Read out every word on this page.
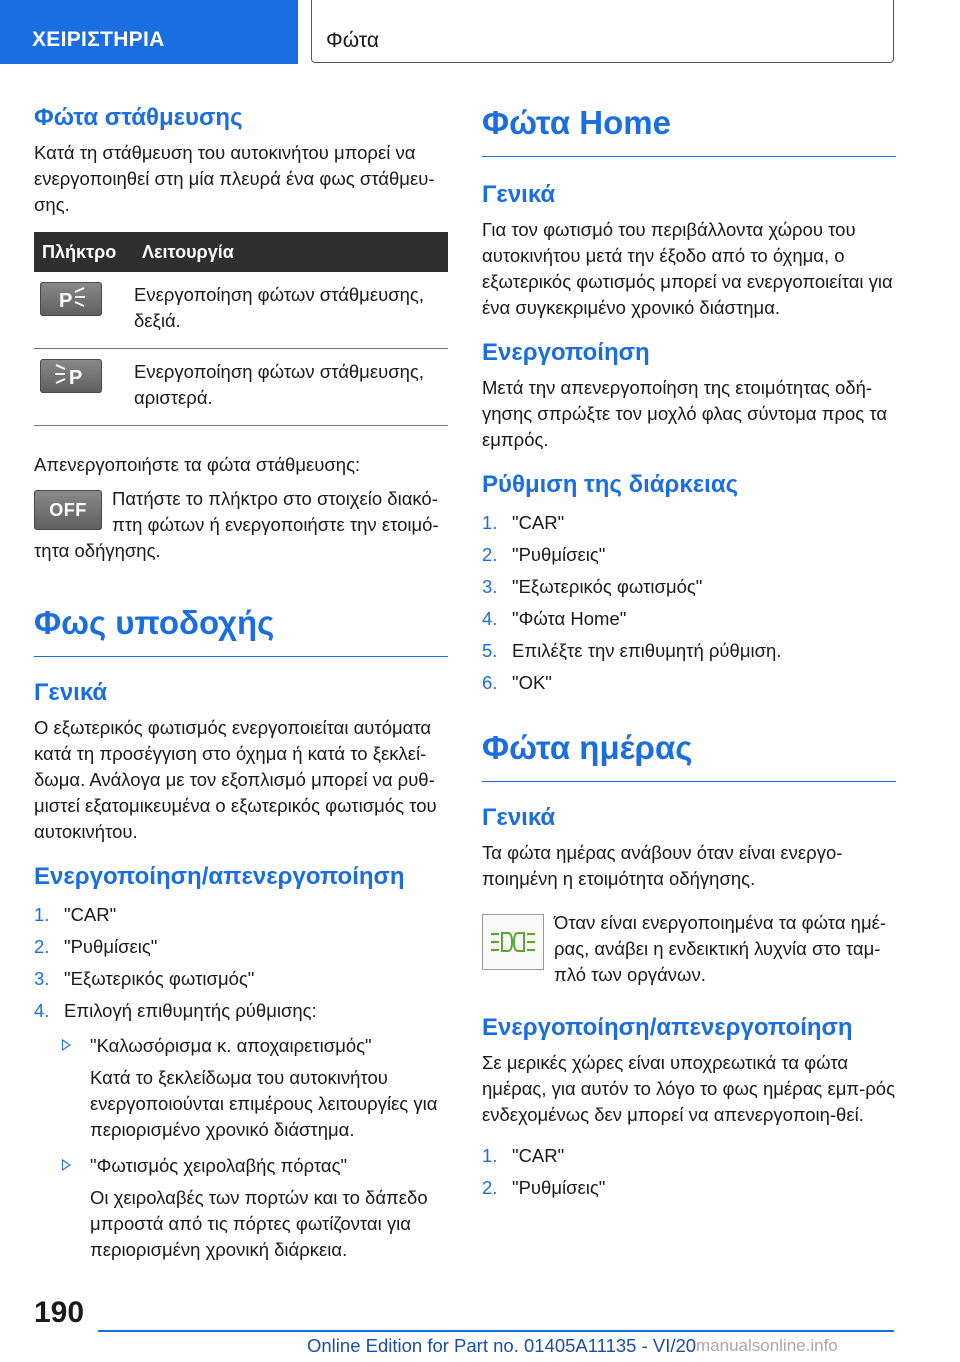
ΧΕΙΡΙΣΤΗΡΙΑ	Φώτα
Φώτα στάθμευσης

Κατά τη στάθμευση του αυτοκινήτου μπορεί να ενεργοποιηθεί στη μία πλευρά ένα φως στάθμευ-σης.

Πλήκτρο	Λειτουργία

P	Ενεργοποίηση φώτων στάθμευσης, δεξιά.

P	Ενεργοποίηση φώτων στάθμευσης, αριστερά.

Απενεργοποιήστε τα φώτα στάθμευσης:

OFF

Πατήστε το πλήκτρο στο στοιχείο διακό-πτη φώτων ή ενεργοποιήστε την ετοιμό-τητα οδήγησης.

Φως υποδοχής
Γενικά

Ο εξωτερικός φωτισμός ενεργοποιείται αυτόματα κατά τη προσέγγιση στο όχημα ή κατά το ξεκλεί-δωμα. Ανάλογα με τον εξοπλισμό μπορεί να ρυθ-μιστεί εξατομικευμένα ο εξωτερικός φωτισμός του αυτοκινήτου.

Ενεργοποίηση/απενεργοποίηση
1. "CAR"
2. "Ρυθμίσεις"
3. "Εξωτερικός φωτισμός"
4. Επιλογή επιθυμητής ρύθμισης:
"Καλωσόρισμα κ. αποχαιρετισμός"
Κατά το ξεκλείδωμα του αυτοκινήτου ενεργοποιούνται επιμέρους λειτουργίες για περιορισμένο χρονικό διάστημα.
"Φωτισμός χειρολαβής πόρτας"
Οι χειρολαβές των πορτών και το δάπεδο μπροστά από τις πόρτες φωτίζονται για περιορισμένη χρονική διάρκεια.
Φώτα Home
Γενικά

Για τον φωτισμό του περιβάλλοντα χώρου του αυτοκινήτου μετά την έξοδο από το όχημα, ο εξωτερικός φωτισμός μπορεί να ενεργοποιείται για ένα συγκεκριμένο χρονικό διάστημα.

Ενεργοποίηση

Μετά την απενεργοποίηση της ετοιμότητας οδή-γησης σπρώξτε τον μοχλό φλας σύντομα προς τα εμπρός.

Ρύθμιση της διάρκειας
1. "CAR"
2. "Ρυθμίσεις"
3. "Εξωτερικός φωτισμός"
4. "Φώτα Home"
5. Επιλέξτε την επιθυμητή ρύθμιση.
6. "OK"
Φώτα ημέρας
Γενικά

Τα φώτα ημέρας ανάβουν όταν είναι ενεργο-ποιημένη η ετοιμότητα οδήγησης.

Όταν είναι ενεργοποιημένα τα φώτα ημέ-ρας, ανάβει η ενδεικτική λυχνία στο ταμ-πλό των οργάνων.

Ενεργοποίηση/απενεργοποίηση

Σε μερικές χώρες είναι υποχρεωτικά τα φώτα ημέρας, για αυτόν το λόγο το φως ημέρας εμπ-ρός ενδεχομένως δεν μπορεί να απενεργοποιη-θεί.

1. "CAR"
2. "Ρυθμίσεις"
190
Online Edition for Part no. 01405A11135 - VI/20 manualsonline.info
